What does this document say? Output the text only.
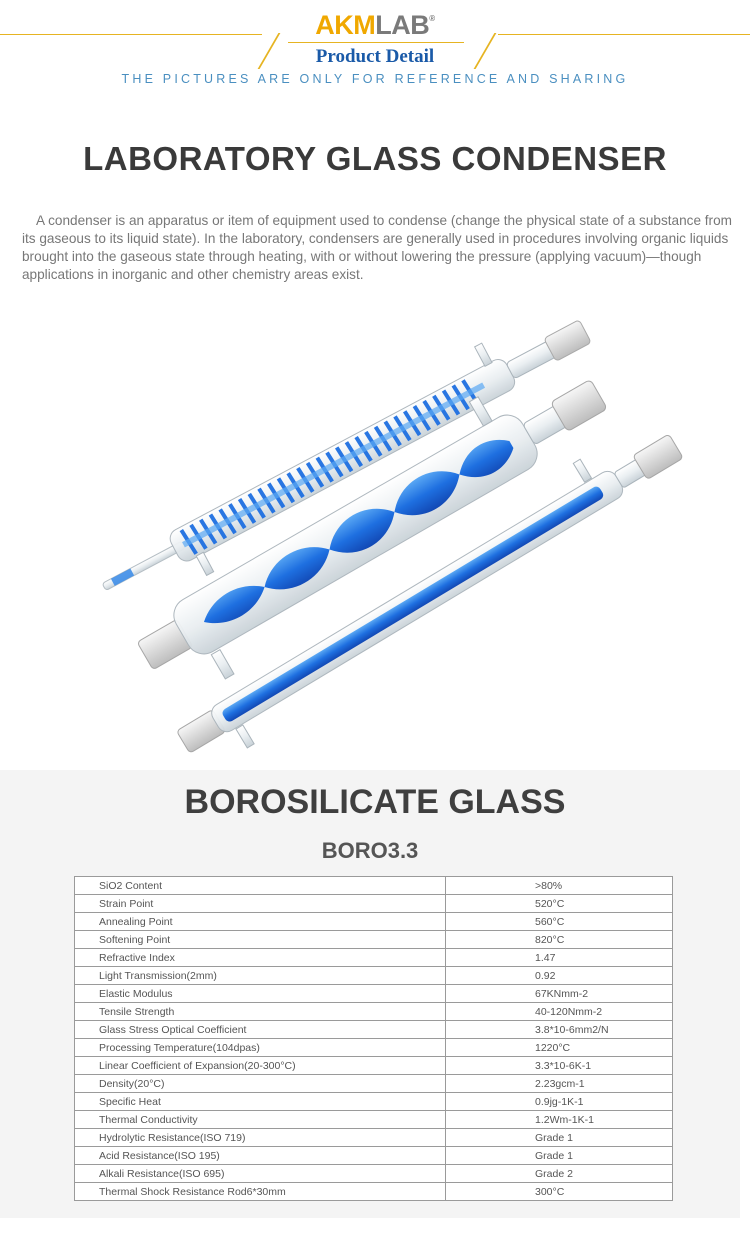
AKMLAB®
Product Detail
THE PICTURES ARE ONLY FOR REFERENCE AND SHARING
LABORATORY GLASS CONDENSER
A condenser is an apparatus or item of equipment used to condense (change the physical state of a substance from its gaseous to its liquid state). In the laboratory, condensers are generally used in procedures involving organic liquids brought into the gaseous state through heating, with or without lowering the pressure (applying vacuum)—though applications in inorganic and other chemistry areas exist.
BOROSILICATE GLASS
BORO3.3
SiO2 Content	>80%
Strain Point	520°C
Annealing Point	560°C
Softening Point	820°C
Refractive Index	1.47
Light Transmission(2mm)	0.92
Elastic Modulus	67KNmm-2
Tensile Strength	40-120Nmm-2
Glass Stress Optical Coefficient	3.8*10-6mm2/N
Processing Temperature(104dpas)	1220°C
Linear Coefficient of Expansion(20-300°C)	3.3*10-6K-1
Density(20°C)	2.23gcm-1
Specific Heat	0.9jg-1K-1
Thermal Conductivity	1.2Wm-1K-1
Hydrolytic Resistance(ISO 719)	Grade 1
Acid Resistance(ISO 195)	Grade 1
Alkali Resistance(ISO 695)	Grade 2
Thermal Shock Resistance Rod6*30mm	300°C
